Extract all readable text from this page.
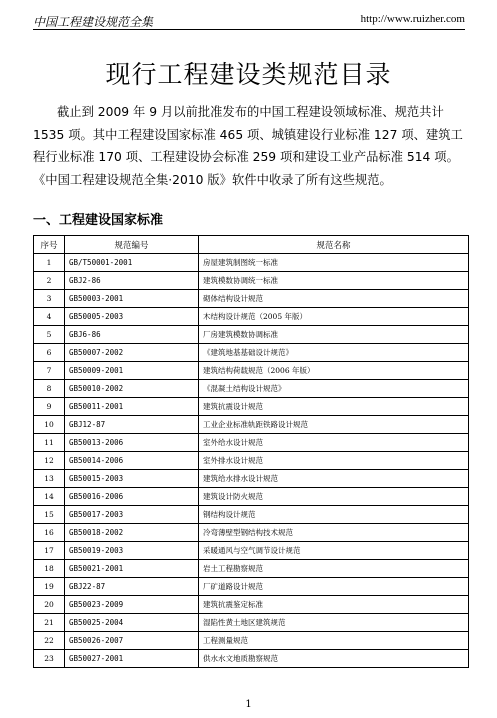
中国工程建设规范全集	http://www.ruizher.com
现行工程建设类规范目录

截止到 2009 年 9 月以前批准发布的中国工程建设领域标准、规范共计 1535 项。其中工程建设国家标准 465 项、城镇建设行业标准 127 项、建筑工程行业标准 170 项、工程建设协会标准 259 项和建设工业产品标准 514 项。《中国工程建设规范全集·2010 版》软件中收录了所有这些规范。

一、工程建设国家标准
序号	规范编号	规范名称
1	GB/T50001-2001	房屋建筑制图统一标准
2	GBJ2-86	建筑模数协调统一标准
3	GB50003-2001	砌体结构设计规范
4	GB50005-2003	木结构设计规范（2005 年版）
5	GBJ6-86	厂房建筑模数协调标准
6	GB50007-2002	《建筑地基基础设计规范》
7	GB50009-2001	建筑结构荷载规范（2006 年版）
8	GB50010-2002	《混凝土结构设计规范》
9	GB50011-2001	建筑抗震设计规范
10	GBJ12-87	工业企业标准轨距铁路设计规范
11	GB50013-2006	室外给水设计规范
12	GB50014-2006	室外排水设计规范
13	GB50015-2003	建筑给水排水设计规范
14	GB50016-2006	建筑设计防火规范
15	GB50017-2003	钢结构设计规范
16	GB50018-2002	冷弯薄壁型钢结构技术规范
17	GB50019-2003	采暖通风与空气调节设计规范
18	GB50021-2001	岩土工程勘察规范
19	GBJ22-87	厂矿道路设计规范
20	GB50023-2009	建筑抗震鉴定标准
21	GB50025-2004	湿陷性黄土地区建筑规范
22	GB50026-2007	工程测量规范
23	GB50027-2001	供水水文地质勘察规范
1
